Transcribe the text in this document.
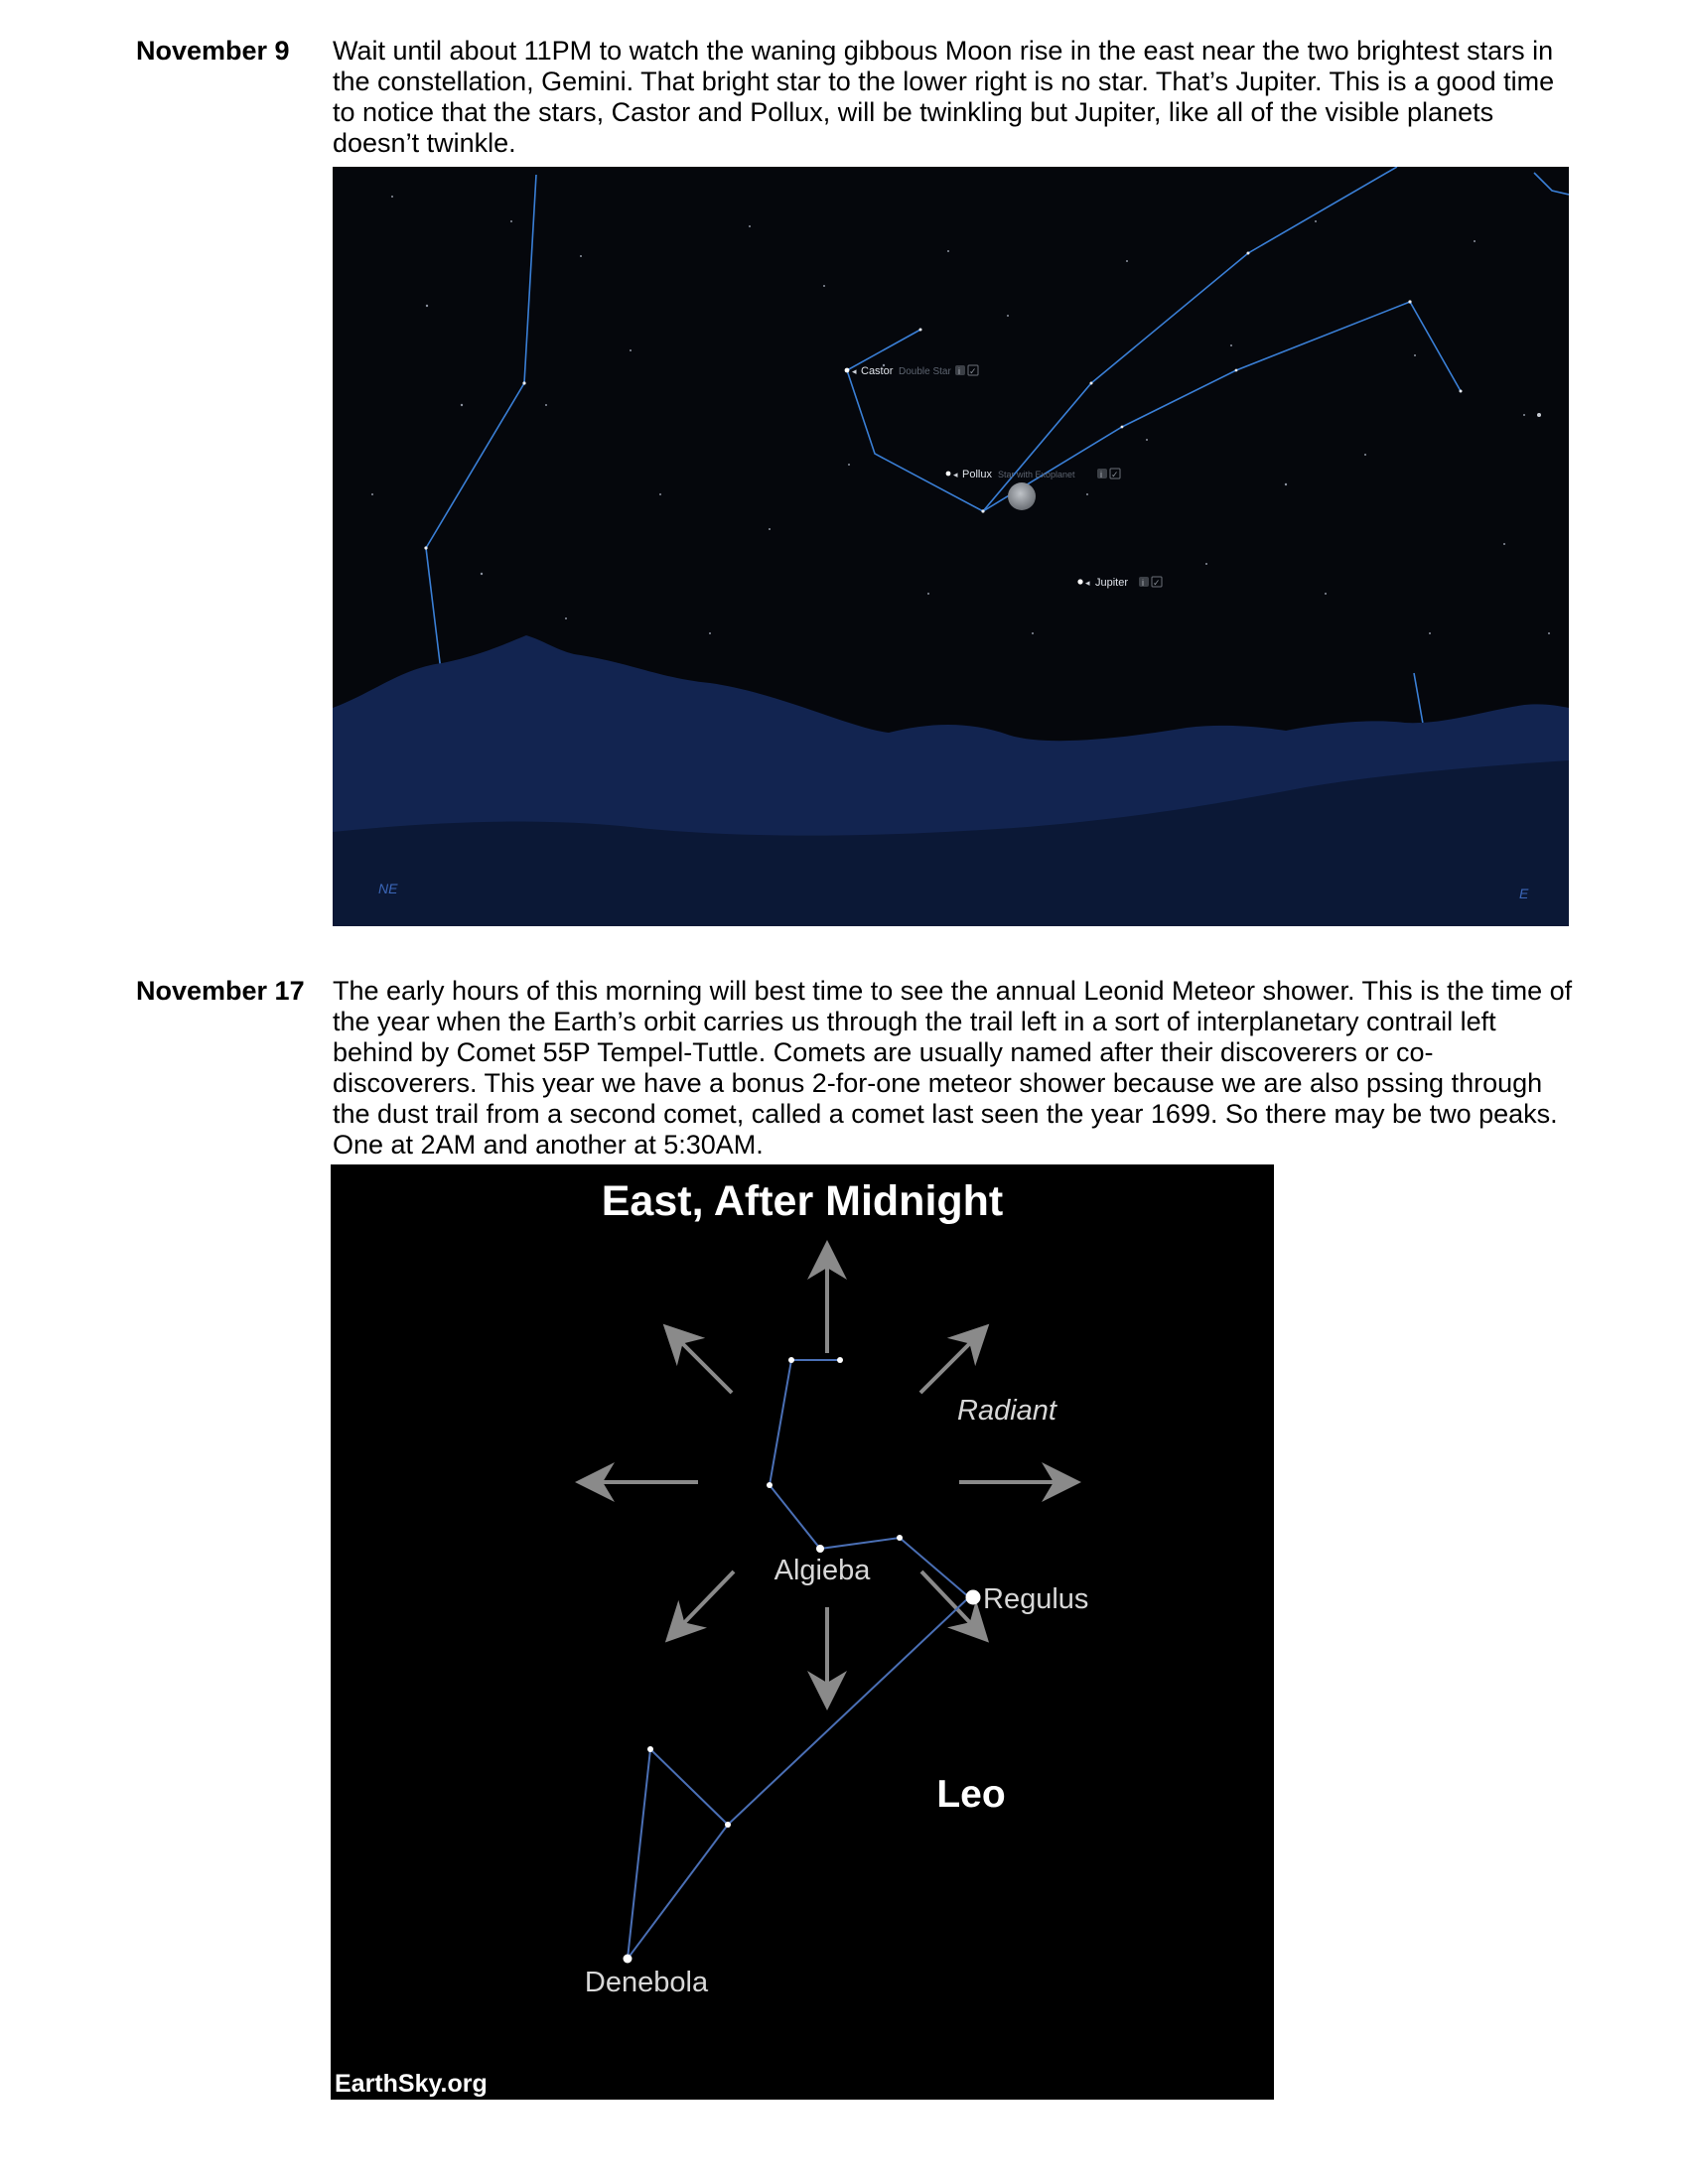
November 9 Wait until about 11PM to watch the waning gibbous Moon rise in the east near the two brightest stars in the constellation, Gemini. That bright star to the lower right is no star. That’s Jupiter. This is a good time to notice that the stars, Castor and Pollux, will be twinkling but Jupiter, like all of the visible planets doesn’t twinkle.
◂ Castor Double Star i ✓
◂ Pollux Star with Exoplanet	i ✓
◂ Jupiter i ✓
NE	E
November 17 The early hours of this morning will best time to see the annual Leonid Meteor shower. This is the time of the year when the Earth’s orbit carries us through the trail left in a sort of interplanetary contrail left behind by Comet 55P Tempel-Tuttle. Comets are usually named after their discoverers or co-discoverers. This year we have a bonus 2-for-one meteor shower because we are also pssing through the dust trail from a second comet, called a comet last seen the year 1699. So there may be two peaks. One at 2AM and another at 5:30AM.
East, After Midnight
Radiant
Algieba
Regulus
Leo
Denebola
EarthSky.org
